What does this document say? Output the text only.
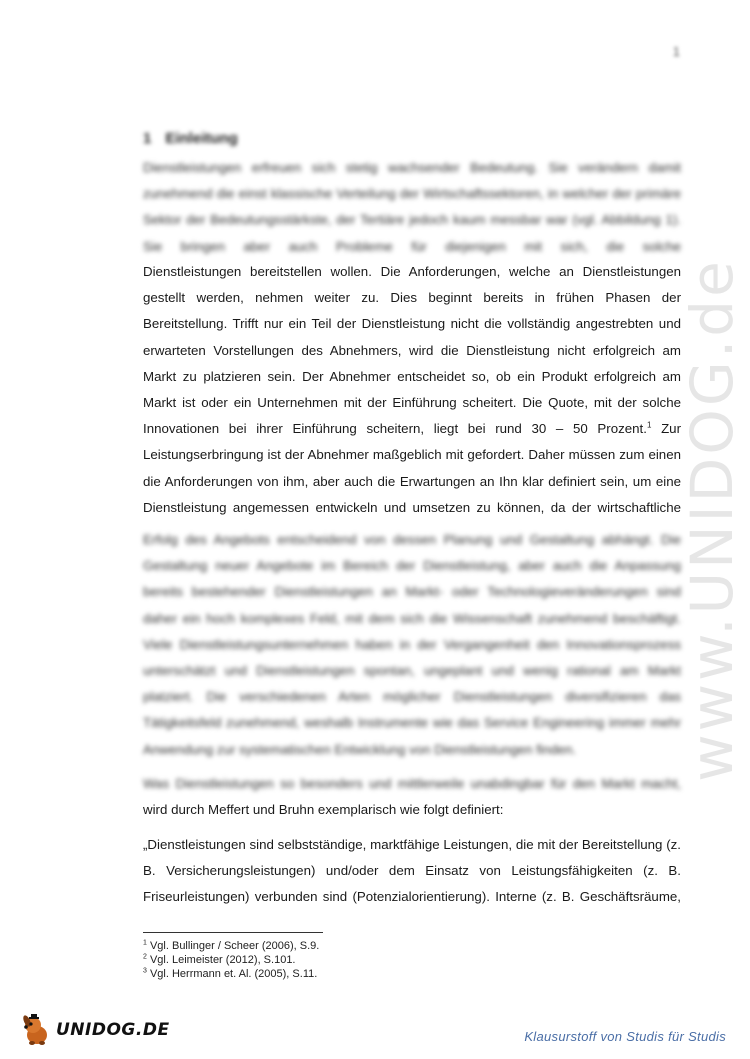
1
1 Einleitung

Dienstleistungen erfreuen sich stetig wachsender Bedeutung. Sie verändern damit zunehmend die einst klassische Verteilung der Wirtschaftssektoren, in welcher der primäre Sektor der Bedeutungsstärkste, der Tertiäre jedoch kaum messbar war (vgl. Abbildung 1). Sie bringen aber auch Probleme für diejenigen mit sich, die solche

Dienstleistungen bereitstellen wollen. Die Anforderungen, welche an Dienstleistungen gestellt werden, nehmen weiter zu. Dies beginnt bereits in frühen Phasen der Bereitstellung. Trifft nur ein Teil der Dienstleistung nicht die vollständig angestrebten und erwarteten Vorstellungen des Abnehmers, wird die Dienstleistung nicht erfolgreich am Markt zu platzieren sein. Der Abnehmer entscheidet so, ob ein Produkt erfolgreich am Markt ist oder ein Unternehmen mit der Einführung scheitert. Die Quote, mit der solche Innovationen bei ihrer Einführung scheitern, liegt bei rund 30 – 50 Prozent.$^1$ Zur Leistungserbringung ist der Abnehmer maßgeblich mit gefordert. Daher müssen zum einen die Anforderungen von ihm, aber auch die Erwartungen an Ihn klar definiert sein, um eine Dienstleistung angemessen entwickeln und umsetzen zu können, da der wirtschaftliche

Erfolg des Angebots entscheidend von dessen Planung und Gestaltung abhängt. Die Gestaltung neuer Angebote im Bereich der Dienstleistung, aber auch die Anpassung bereits bestehender Dienstleistungen an Markt- oder Technologieveränderungen sind daher ein hoch komplexes Feld, mit dem sich die Wissenschaft zunehmend beschäftigt. Viele Dienstleistungsunternehmen haben in der Vergangenheit den Innovationsprozess unterschätzt und Dienstleistungen spontan, ungeplant und wenig rational am Markt platziert. Die verschiedenen Arten möglicher Dienstleistungen diversifizieren das Tätigkeitsfeld zunehmend, weshalb Instrumente wie das Service Engineering immer mehr Anwendung zur systematischen Entwicklung von Dienstleistungen finden.

Was Dienstleistungen so besonders und mittlerweile unabdingbar für den Markt macht,

wird durch Meffert und Bruhn exemplarisch wie folgt definiert:

„Dienstleistungen sind selbstständige, marktfähige Leistungen, die mit der Bereitstellung (z. B. Versicherungsleistungen) und/oder dem Einsatz von Leistungsfähigkeiten (z. B. Friseurleistungen) verbunden sind (Potenzialorientierung). Interne (z. B. Geschäftsräume,

$^1$ Vgl. Bullinger / Scheer (2006), S.9.
$^2$ Vgl. Leimeister (2012), S.101.
$^3$ Vgl. Herrmann et. Al. (2005), S.11.
www.UNIDOG.de
UNIDOG.DE	Klausurstoff von Studis für Studis
